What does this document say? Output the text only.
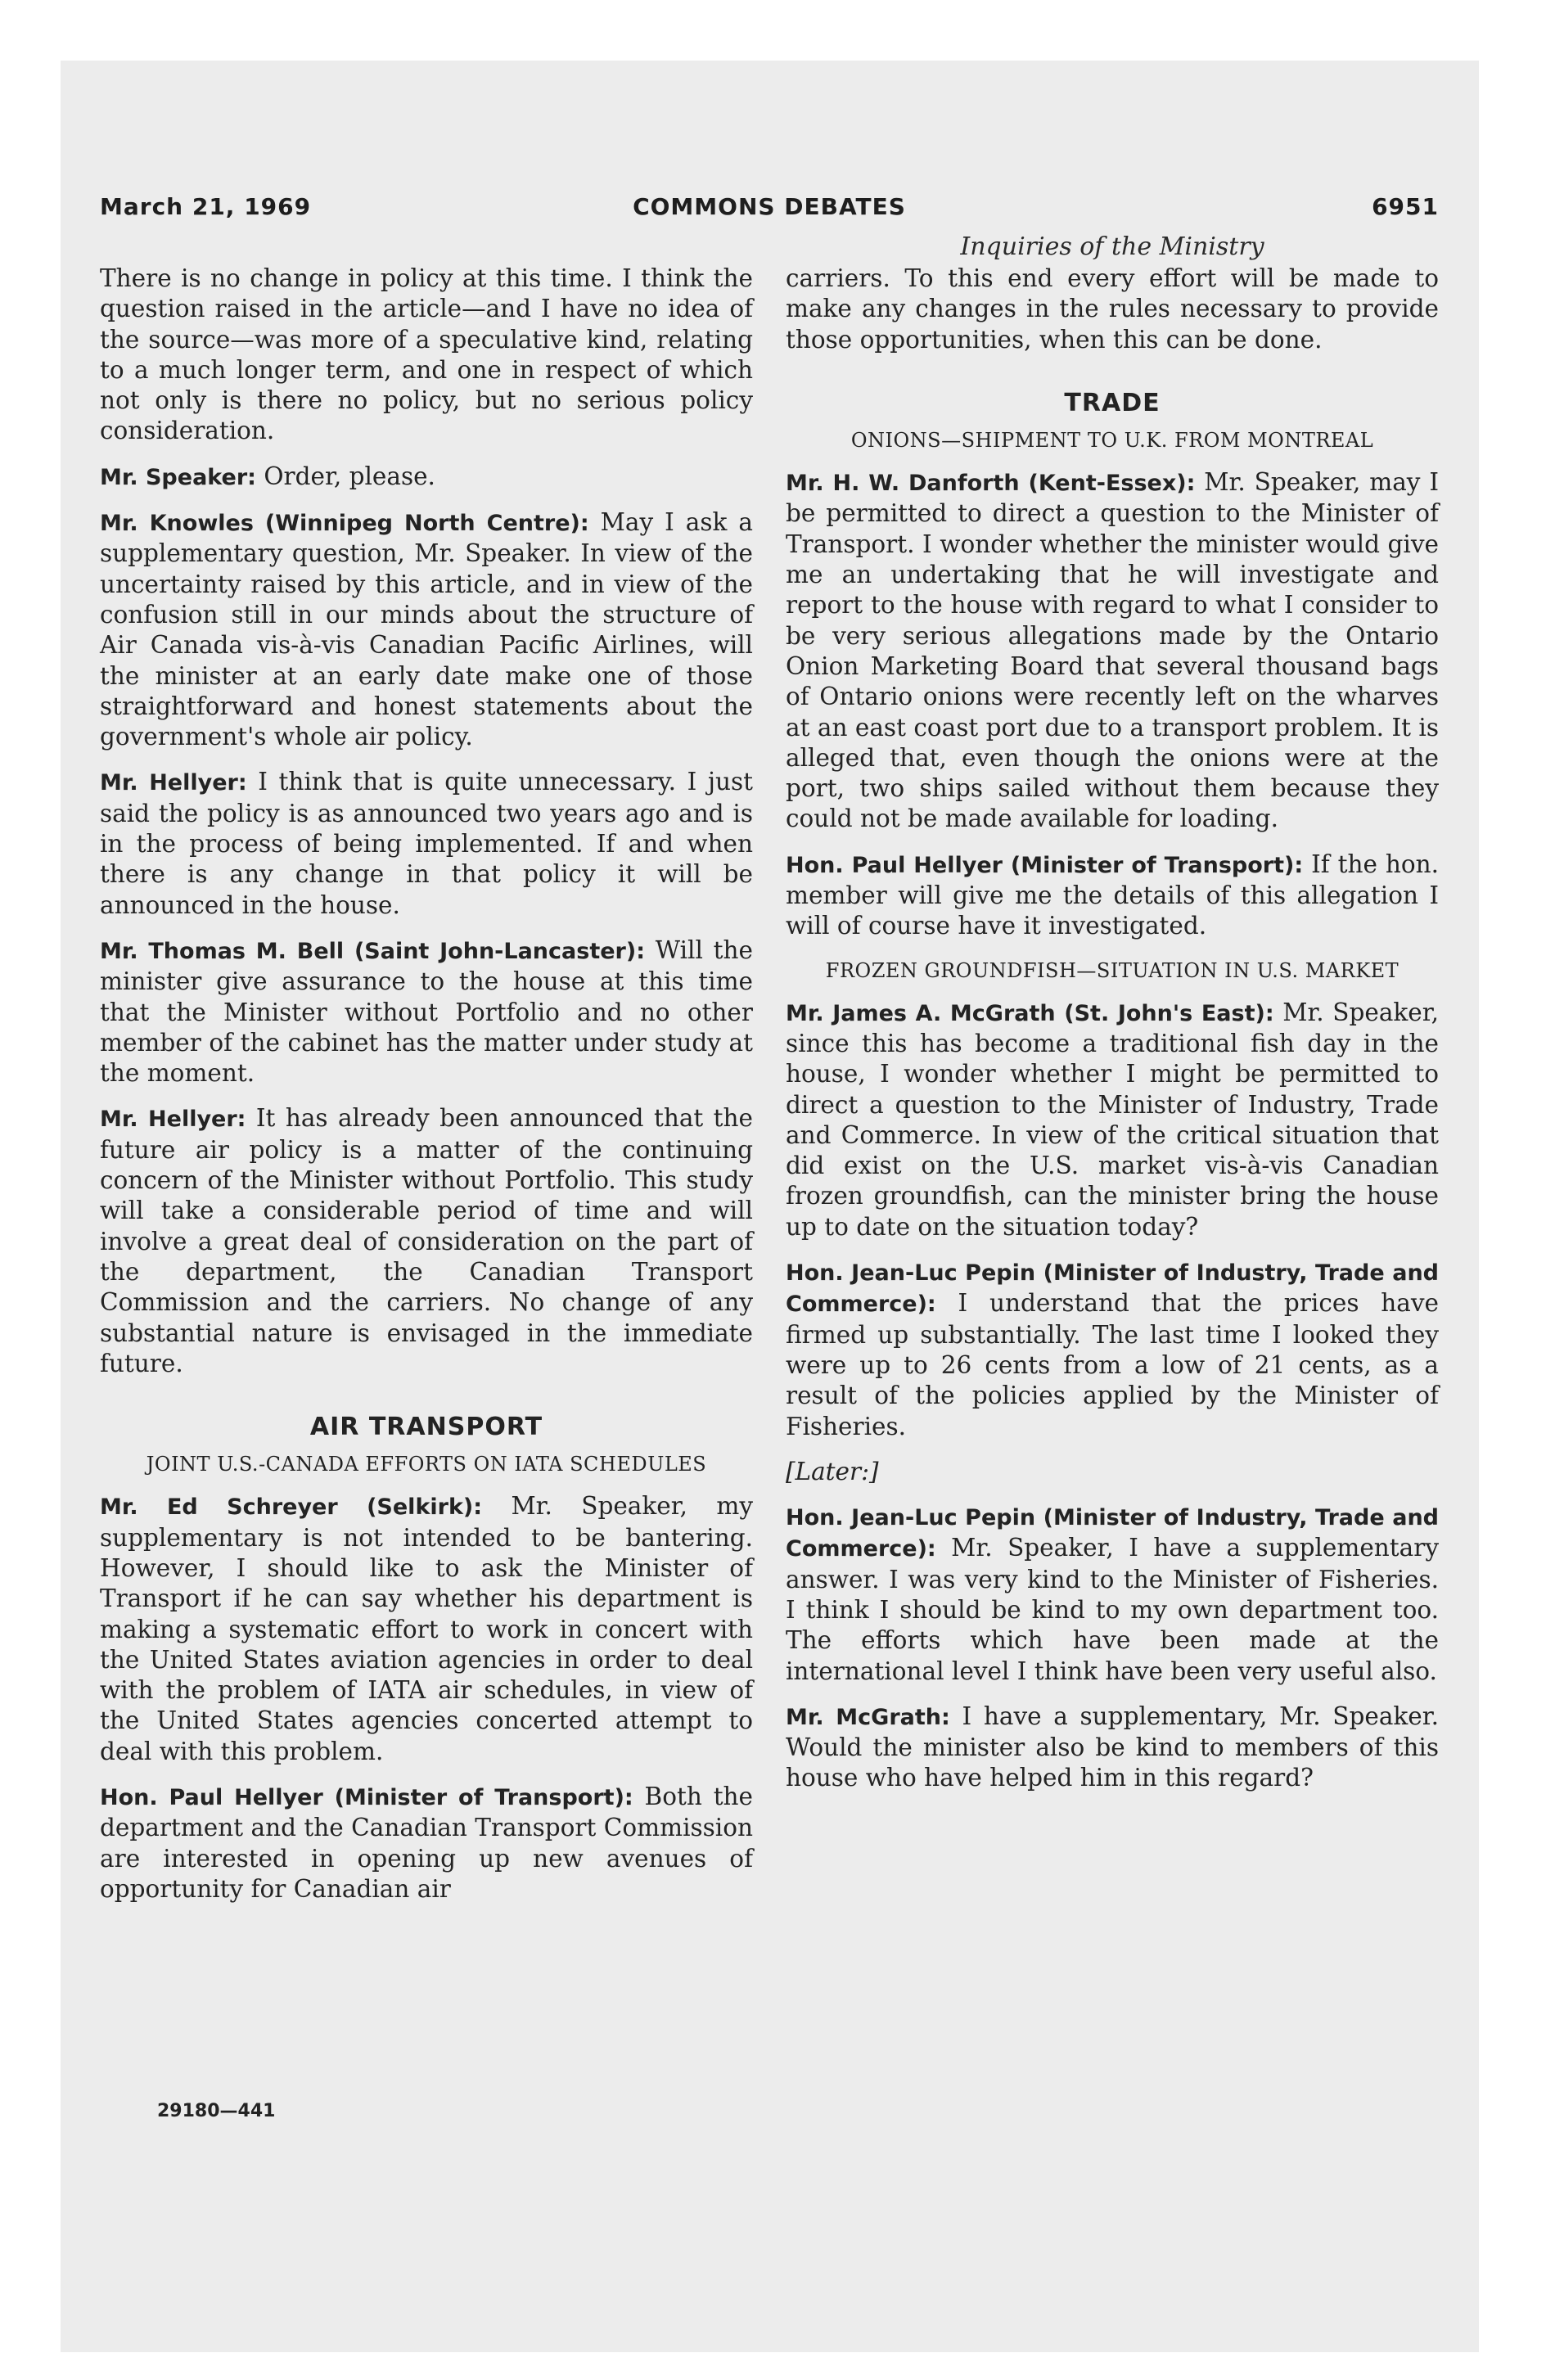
March 21, 1969	COMMONS DEBATES	6951
Inquiries of the Ministry

There is no change in policy at this time. I think the question raised in the article—and I have no idea of the source—was more of a speculative kind, relating to a much longer term, and one in respect of which not only is there no policy, but no serious policy consideration.

Mr. Speaker: Order, please.

Mr. Knowles (Winnipeg North Centre): May I ask a supplementary question, Mr. Speaker. In view of the uncertainty raised by this article, and in view of the confusion still in our minds about the structure of Air Canada vis-à-vis Canadian Pacific Airlines, will the minister at an early date make one of those straightforward and honest statements about the government's whole air policy.

Mr. Hellyer: I think that is quite unnecessary. I just said the policy is as announced two years ago and is in the process of being implemented. If and when there is any change in that policy it will be announced in the house.

Mr. Thomas M. Bell (Saint John-Lancaster): Will the minister give assurance to the house at this time that the Minister without Portfolio and no other member of the cabinet has the matter under study at the moment.

Mr. Hellyer: It has already been announced that the future air policy is a matter of the continuing concern of the Minister without Portfolio. This study will take a considerable period of time and will involve a great deal of consideration on the part of the department, the Canadian Transport Commission and the carriers. No change of any substantial nature is envisaged in the immediate future.

AIR TRANSPORT
JOINT U.S.-CANADA EFFORTS ON IATA SCHEDULES

Mr. Ed Schreyer (Selkirk): Mr. Speaker, my supplementary is not intended to be bantering. However, I should like to ask the Minister of Transport if he can say whether his department is making a systematic effort to work in concert with the United States aviation agencies in order to deal with the problem of IATA air schedules, in view of the United States agencies concerted attempt to deal with this problem.

Hon. Paul Hellyer (Minister of Transport): Both the department and the Canadian Transport Commission are interested in opening up new avenues of opportunity for Canadian air

carriers. To this end every effort will be made to make any changes in the rules necessary to provide those opportunities, when this can be done.

TRADE
ONIONS—SHIPMENT TO U.K. FROM MONTREAL

Mr. H. W. Danforth (Kent-Essex): Mr. Speaker, may I be permitted to direct a question to the Minister of Transport. I wonder whether the minister would give me an undertaking that he will investigate and report to the house with regard to what I consider to be very serious allegations made by the Ontario Onion Marketing Board that several thousand bags of Ontario onions were recently left on the wharves at an east coast port due to a transport problem. It is alleged that, even though the onions were at the port, two ships sailed without them because they could not be made available for loading.

Hon. Paul Hellyer (Minister of Transport): If the hon. member will give me the details of this allegation I will of course have it investigated.

FROZEN GROUNDFISH—SITUATION IN U.S. MARKET

Mr. James A. McGrath (St. John's East): Mr. Speaker, since this has become a traditional fish day in the house, I wonder whether I might be permitted to direct a question to the Minister of Industry, Trade and Commerce. In view of the critical situation that did exist on the U.S. market vis-à-vis Canadian frozen groundfish, can the minister bring the house up to date on the situation today?

Hon. Jean-Luc Pepin (Minister of Industry, Trade and Commerce): I understand that the prices have firmed up substantially. The last time I looked they were up to 26 cents from a low of 21 cents, as a result of the policies applied by the Minister of Fisheries.

[Later:]

Hon. Jean-Luc Pepin (Minister of Industry, Trade and Commerce): Mr. Speaker, I have a supplementary answer. I was very kind to the Minister of Fisheries. I think I should be kind to my own department too. The efforts which have been made at the international level I think have been very useful also.

Mr. McGrath: I have a supplementary, Mr. Speaker. Would the minister also be kind to members of this house who have helped him in this regard?

29180—441
